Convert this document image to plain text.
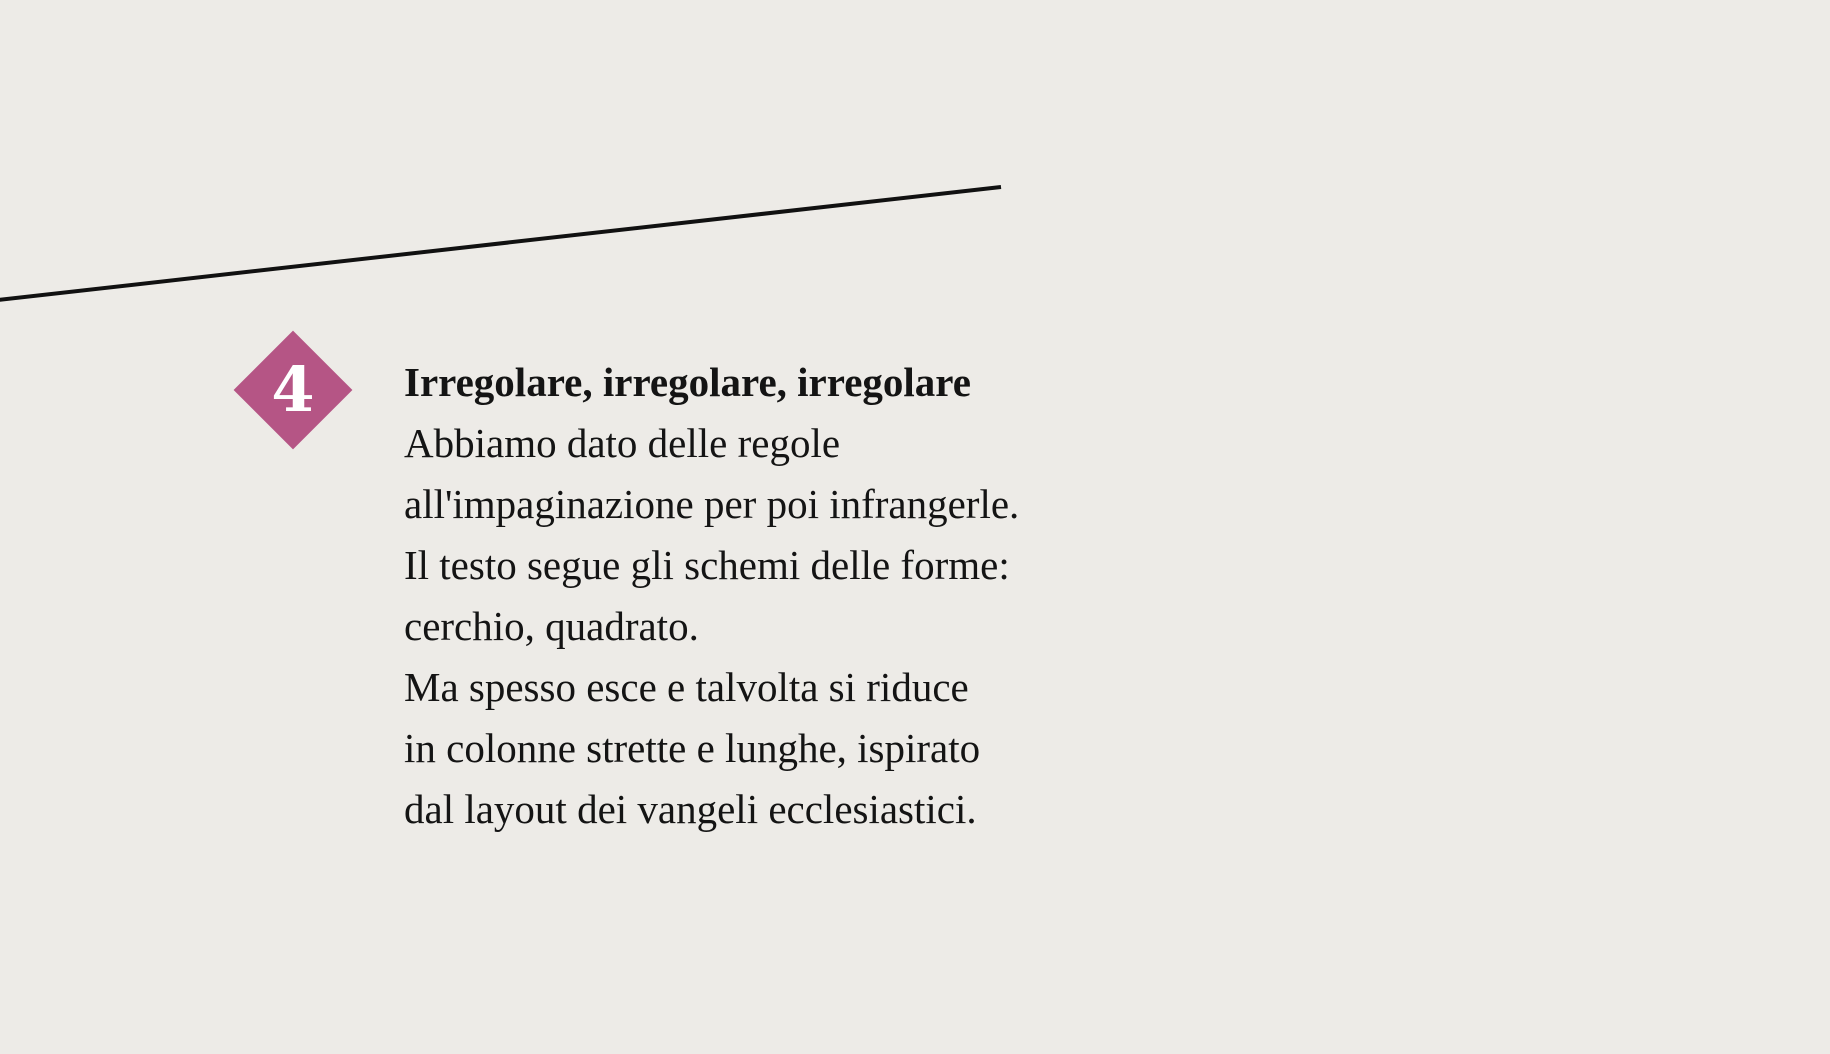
4	Irregolare, irregolare, irregolare
Abbiamo dato delle regole
all'impaginazione per poi infrangerle.
Il testo segue gli schemi delle forme:
cerchio, quadrato.
Ma spesso esce e talvolta si riduce
in colonne strette e lunghe, ispirato
dal layout dei vangeli ecclesiastici.
